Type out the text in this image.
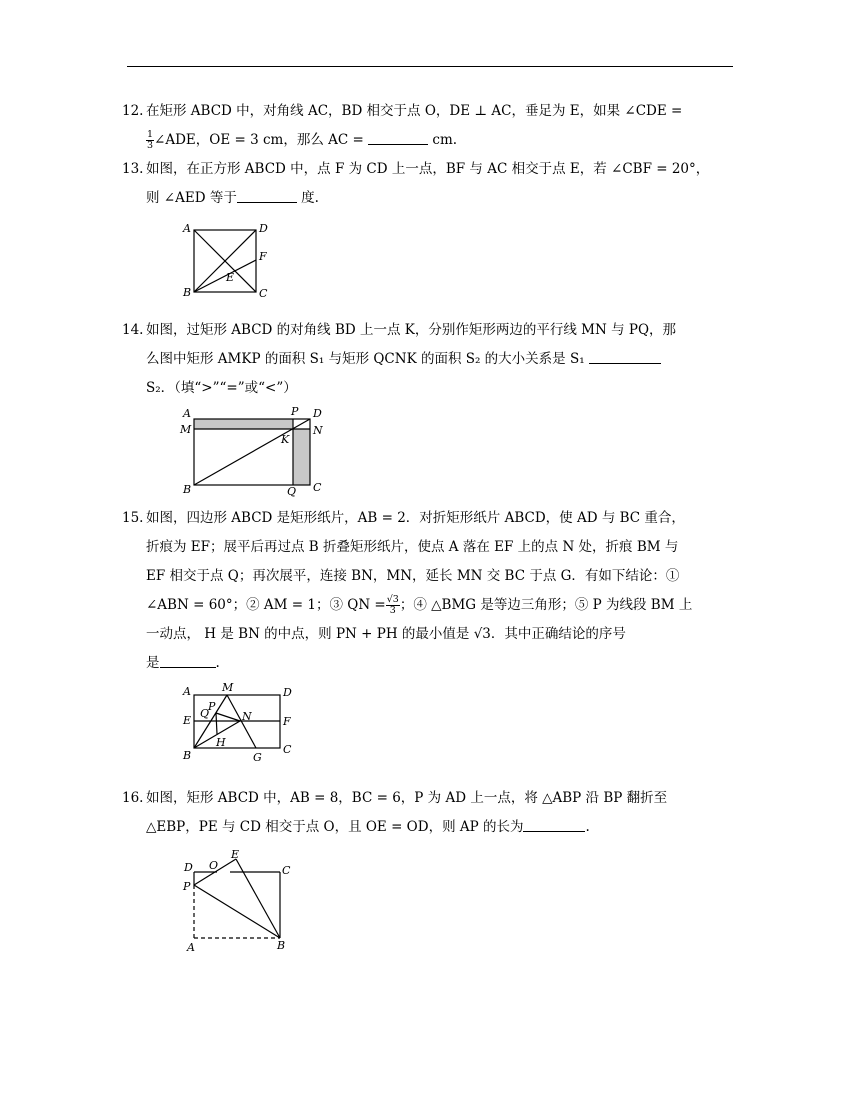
12. 在矩形 ABCD 中，对角线 AC，BD 相交于点 O，DE ⊥ AC，垂足为 E，如果 ∠CDE =
$\frac{1}{3}$ ∠ADE，OE = 3 cm，那么 AC =	cm.
13. 如图，在正方形 ABCD 中，点 F 为 CD 上一点，BF 与 AC 相交于点 E，若 ∠CBF = 20°，
则 ∠AED 等于	度.
A	D
F
E
B	C
14. 如图，过矩形 ABCD 的对角线 BD 上一点 K，分别作矩形两边的平行线 MN 与 PQ，那
么图中矩形 AMKP 的面积 S₁ 与矩形 QCNK 的面积 S₂ 的大小关系是 S₁
S₂．（填“>”“=”或“<”）
A	P D
M	N
K
B	Q C
15. 如图，四边形 ABCD 是矩形纸片，AB = 2．对折矩形纸片 ABCD，使 AD 与 BC 重合，
折痕为 EF；展平后再过点 B 折叠矩形纸片，使点 A 落在 EF 上的点 N 处，折痕 BM 与
EF 相交于点 Q；再次展平，连接 BN，MN，延长 MN 交 BC 于点 G．有如下结论：①
∠ABN = 60°；② AM = 1；③ QN = $\frac{√3}{3}$ ；④ △BMG 是等边三角形；⑤ P 为线段 BM 上
一动点， H 是 BN 的中点，则 PN + PH 的最小值是 √3．其中正确结论的序号
是	.
A	M	D
P
Q	N
E	F
H
B	G
C
16. 如图，矩形 ABCD 中，AB = 8，BC = 6，P 为 AD 上一点，将 △ABP 沿 BP 翻折至
△EBP，PE 与 CD 相交于点 O，且 OE = OD，则 AP 的长为	.
D O
E
C
P
A	B
